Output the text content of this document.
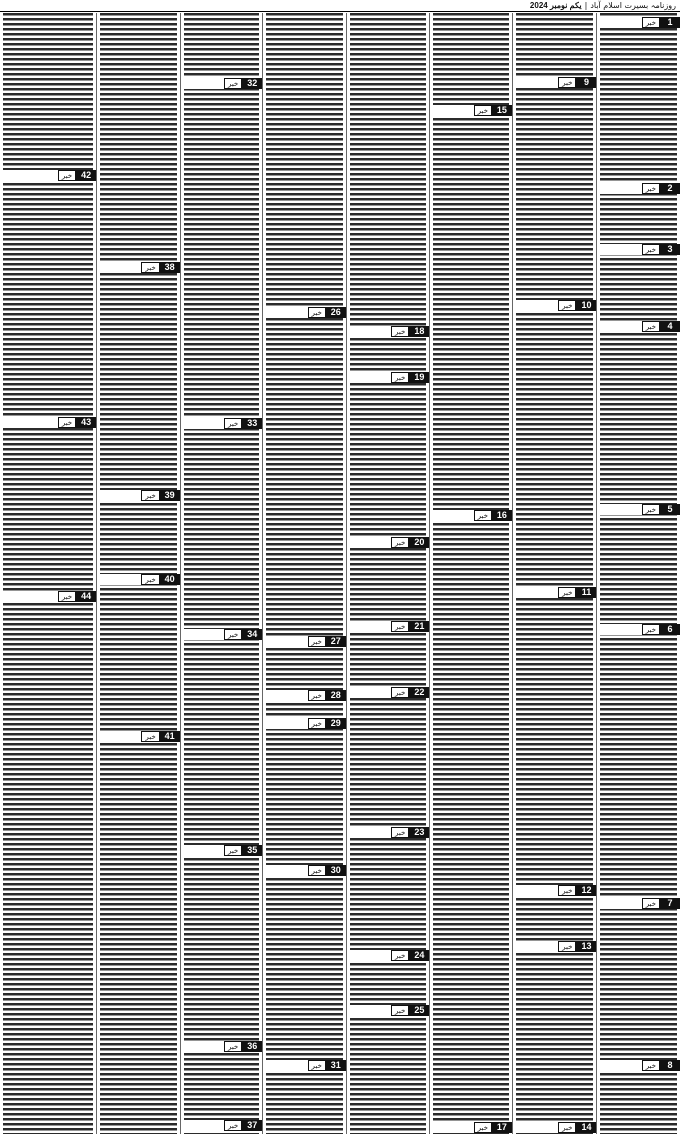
روزنامہ بسیرت اسلام آباد
|
یکم نومبر 2024
1
خبر
2
خبر
3
خبر
4
خبر
5
خبر
6
خبر
7
خبر
8
خبر
9
خبر
10
خبر
11
خبر
12
خبر
13
خبر
14
خبر
15
خبر
16
خبر
17
خبر
18
خبر
19
خبر
20
خبر
21
خبر
22
خبر
23
خبر
24
خبر
25
خبر
26
خبر
27
خبر
28
خبر
29
خبر
30
خبر
31
خبر
32
خبر
33
خبر
34
خبر
35
خبر
36
خبر
37
خبر
38
خبر
39
خبر
40
خبر
41
خبر
42
خبر
43
خبر
44
خبر
